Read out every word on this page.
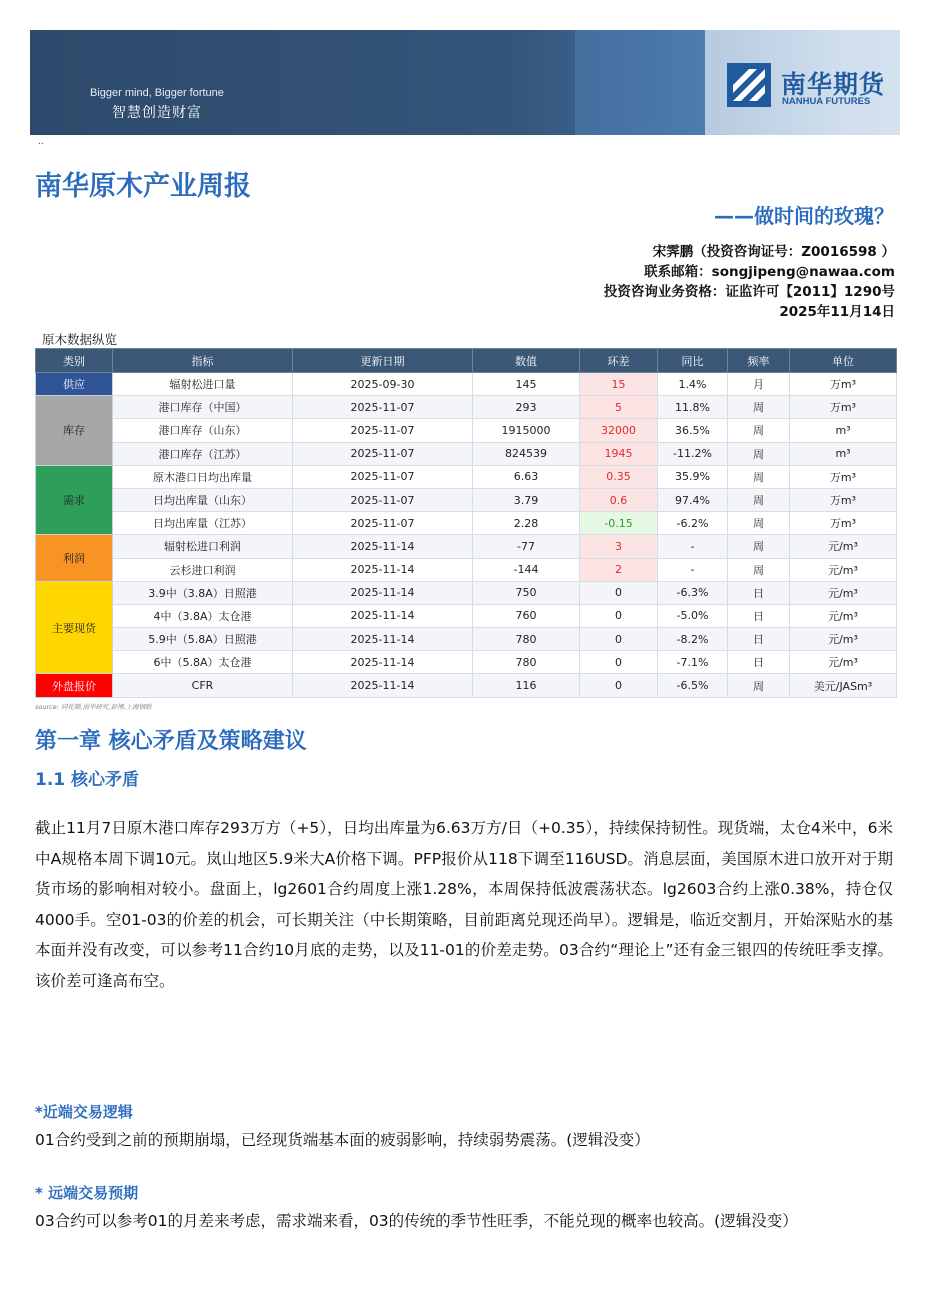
Bigger mind, Bigger fortune
智慧创造财富
南华期货
NANHUA FUTURES
..
南华原木产业周报
——做时间的玫瑰？
宋霁鹏（投资咨询证号：Z0016598 ）
联系邮箱：songjipeng@nawaa.com
投资咨询业务资格：证监许可【2011】1290号
2025年11月14日
原木数据纵览
类别	指标	更新日期	数值	环差	同比	频率	单位
供应	辐射松进口量	2025-09-30	145	15	1.4%	月	万m³
库存	港口库存（中国）	2025-11-07	293	5	11.8%	周	万m³
	港口库存（山东）	2025-11-07	1915000	32000	36.5%	周	m³
	港口库存（江苏）	2025-11-07	824539	1945	-11.2%	周	m³
需求	原木港口日均出库量	2025-11-07	6.63	0.35	35.9%	周	万m³
	日均出库量（山东）	2025-11-07	3.79	0.6	97.4%	周	万m³
	日均出库量（江苏）	2025-11-07	2.28	-0.15	-6.2%	周	万m³
利润	辐射松进口利润	2025-11-14	-77	3	-	周	元/m³
	云杉进口利润	2025-11-14	-144	2	-	周	元/m³
主要现货	3.9中（3.8A）日照港	2025-11-14	750	0	-6.3%	日	元/m³
	4中（3.8A）太仓港	2025-11-14	760	0	-5.0%	日	元/m³
	5.9中（5.8A）日照港	2025-11-14	780	0	-8.2%	日	元/m³
	6中（5.8A）太仓港	2025-11-14	780	0	-7.1%	日	元/m³
外盘报价	CFR	2025-11-14	116	0	-6.5%	周	美元/JASm³
source: 同花顺,南华研究,彭博,上海钢联
第一章 核心矛盾及策略建议
1.1 核心矛盾

截止11月7日原木港口库存293万方（+5），日均出库量为6.63万方/日（+0.35），持续保持韧性。现货端，太仓4米中，6米中A规格本周下调10元。岚山地区5.9米大A价格下调。PFP报价从118下调至116USD。消息层面，美国原木进口放开对于期货市场的影响相对较小。盘面上，lg2601合约周度上涨1.28%，本周保持低波震荡状态。lg2603合约上涨0.38%，持仓仅4000手。空01-03的价差的机会，可长期关注（中长期策略，目前距离兑现还尚早）。逻辑是，临近交割月，开始深贴水的基本面并没有改变，可以参考11合约10月底的走势，以及11-01的价差走势。03合约“理论上”还有金三银四的传统旺季支撑。该价差可逢高布空。

*近端交易逻辑
01合约受到之前的预期崩塌，已经现货端基本面的疲弱影响，持续弱势震荡。(逻辑没变）
* 远端交易预期
03合约可以参考01的月差来考虑，需求端来看，03的传统的季节性旺季，不能兑现的概率也较高。(逻辑没变）
